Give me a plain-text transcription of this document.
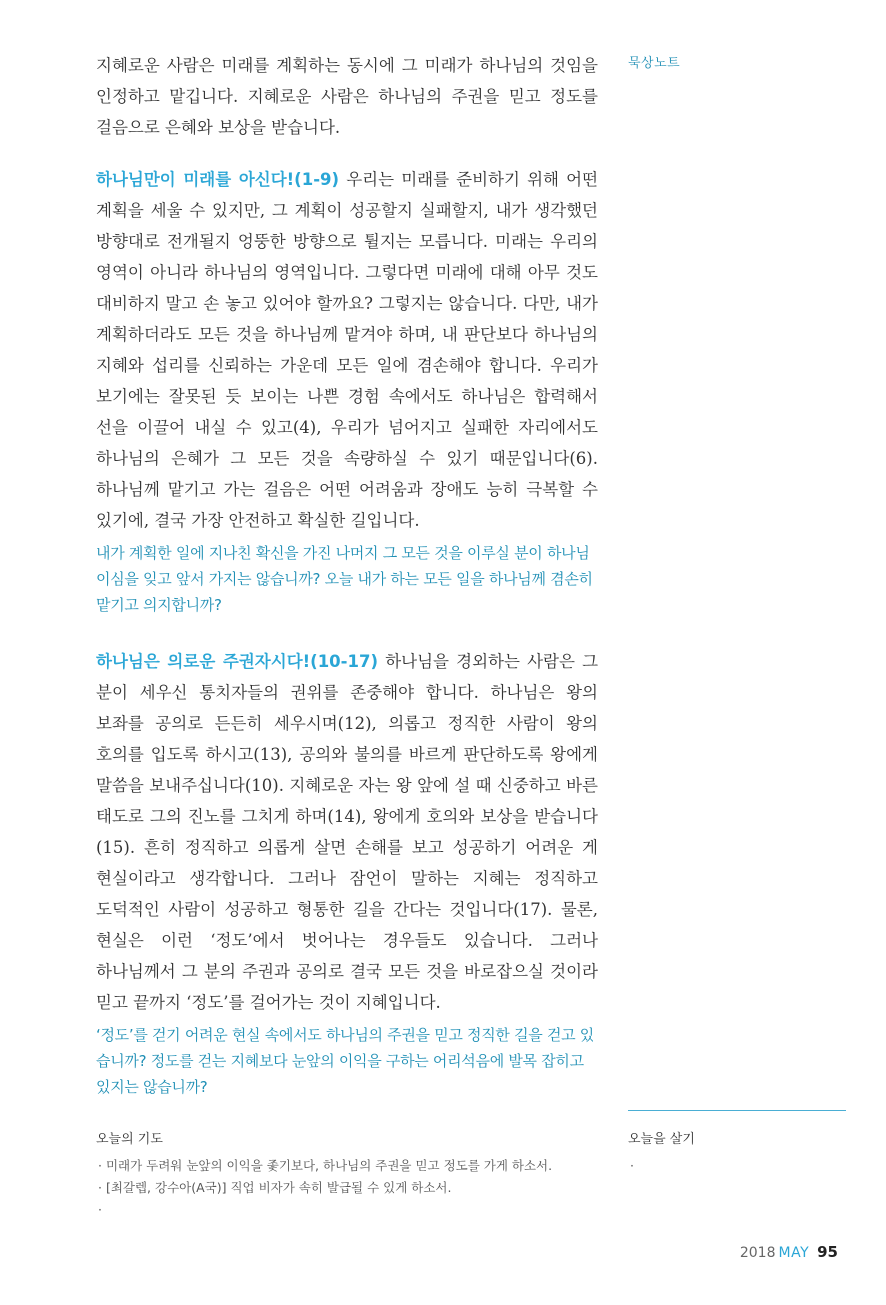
묵상노트

지혜로운 사람은 미래를 계획하는 동시에 그 미래가 하나님의 것임을 인정하고 맡깁니다. 지혜로운 사람은 하나님의 주권을 믿고 정도를 걸음으로 은혜와 보상을 받습니다.

하나님만이 미래를 아신다!(1-9) 우리는 미래를 준비하기 위해 어떤 계획을 세울 수 있지만, 그 계획이 성공할지 실패할지, 내가 생각했던 방향대로 전개될지 엉뚱한 방향으로 튈지는 모릅니다. 미래는 우리의 영역이 아니라 하나님의 영역입니다. 그렇다면 미래에 대해 아무 것도 대비하지 말고 손 놓고 있어야 할까요? 그렇지는 않습니다. 다만, 내가 계획하더라도 모든 것을 하나님께 맡겨야 하며, 내 판단보다 하나님의 지혜와 섭리를 신뢰하는 가운데 모든 일에 겸손해야 합니다. 우리가 보기에는 잘못된 듯 보이는 나쁜 경험 속에서도 하나님은 합력해서 선을 이끌어 내실 수 있고(4), 우리가 넘어지고 실패한 자리에서도 하나님의 은혜가 그 모든 것을 속량하실 수 있기 때문입니다(6). 하나님께 맡기고 가는 걸음은 어떤 어려움과 장애도 능히 극복할 수 있기에, 결국 가장 안전하고 확실한 길입니다.

내가 계획한 일에 지나친 확신을 가진 나머지 그 모든 것을 이루실 분이 하나님이심을 잊고 앞서 가지는 않습니까? 오늘 내가 하는 모든 일을 하나님께 겸손히 맡기고 의지합니까?

하나님은 의로운 주권자시다!(10-17) 하나님을 경외하는 사람은 그 분이 세우신 통치자들의 권위를 존중해야 합니다. 하나님은 왕의 보좌를 공의로 든든히 세우시며(12), 의롭고 정직한 사람이 왕의 호의를 입도록 하시고(13), 공의와 불의를 바르게 판단하도록 왕에게 말씀을 보내주십니다(10). 지혜로운 자는 왕 앞에 설 때 신중하고 바른 태도로 그의 진노를 그치게 하며(14), 왕에게 호의와 보상을 받습니다(15). 흔히 정직하고 의롭게 살면 손해를 보고 성공하기 어려운 게 현실이라고 생각합니다. 그러나 잠언이 말하는 지혜는 정직하고 도덕적인 사람이 성공하고 형통한 길을 간다는 것입니다(17). 물론, 현실은 이런 ‘정도’에서 벗어나는 경우들도 있습니다. 그러나 하나님께서 그 분의 주권과 공의로 결국 모든 것을 바로잡으실 것이라 믿고 끝까지 ‘정도’를 걸어가는 것이 지혜입니다.

‘정도’를 걷기 어려운 현실 속에서도 하나님의 주권을 믿고 정직한 길을 걷고 있습니까? 정도를 걷는 지혜보다 눈앞의 이익을 구하는 어리석음에 발목 잡히고 있지는 않습니까?

오늘의 기도
· 미래가 두려워 눈앞의 이익을 좇기보다, 하나님의 주권을 믿고 정도를 가게 하소서.
· [최갈렙, 강수아(A국)] 직업 비자가 속히 발급될 수 있게 하소서.
·
오늘을 살기
·
2018 MAY 95
